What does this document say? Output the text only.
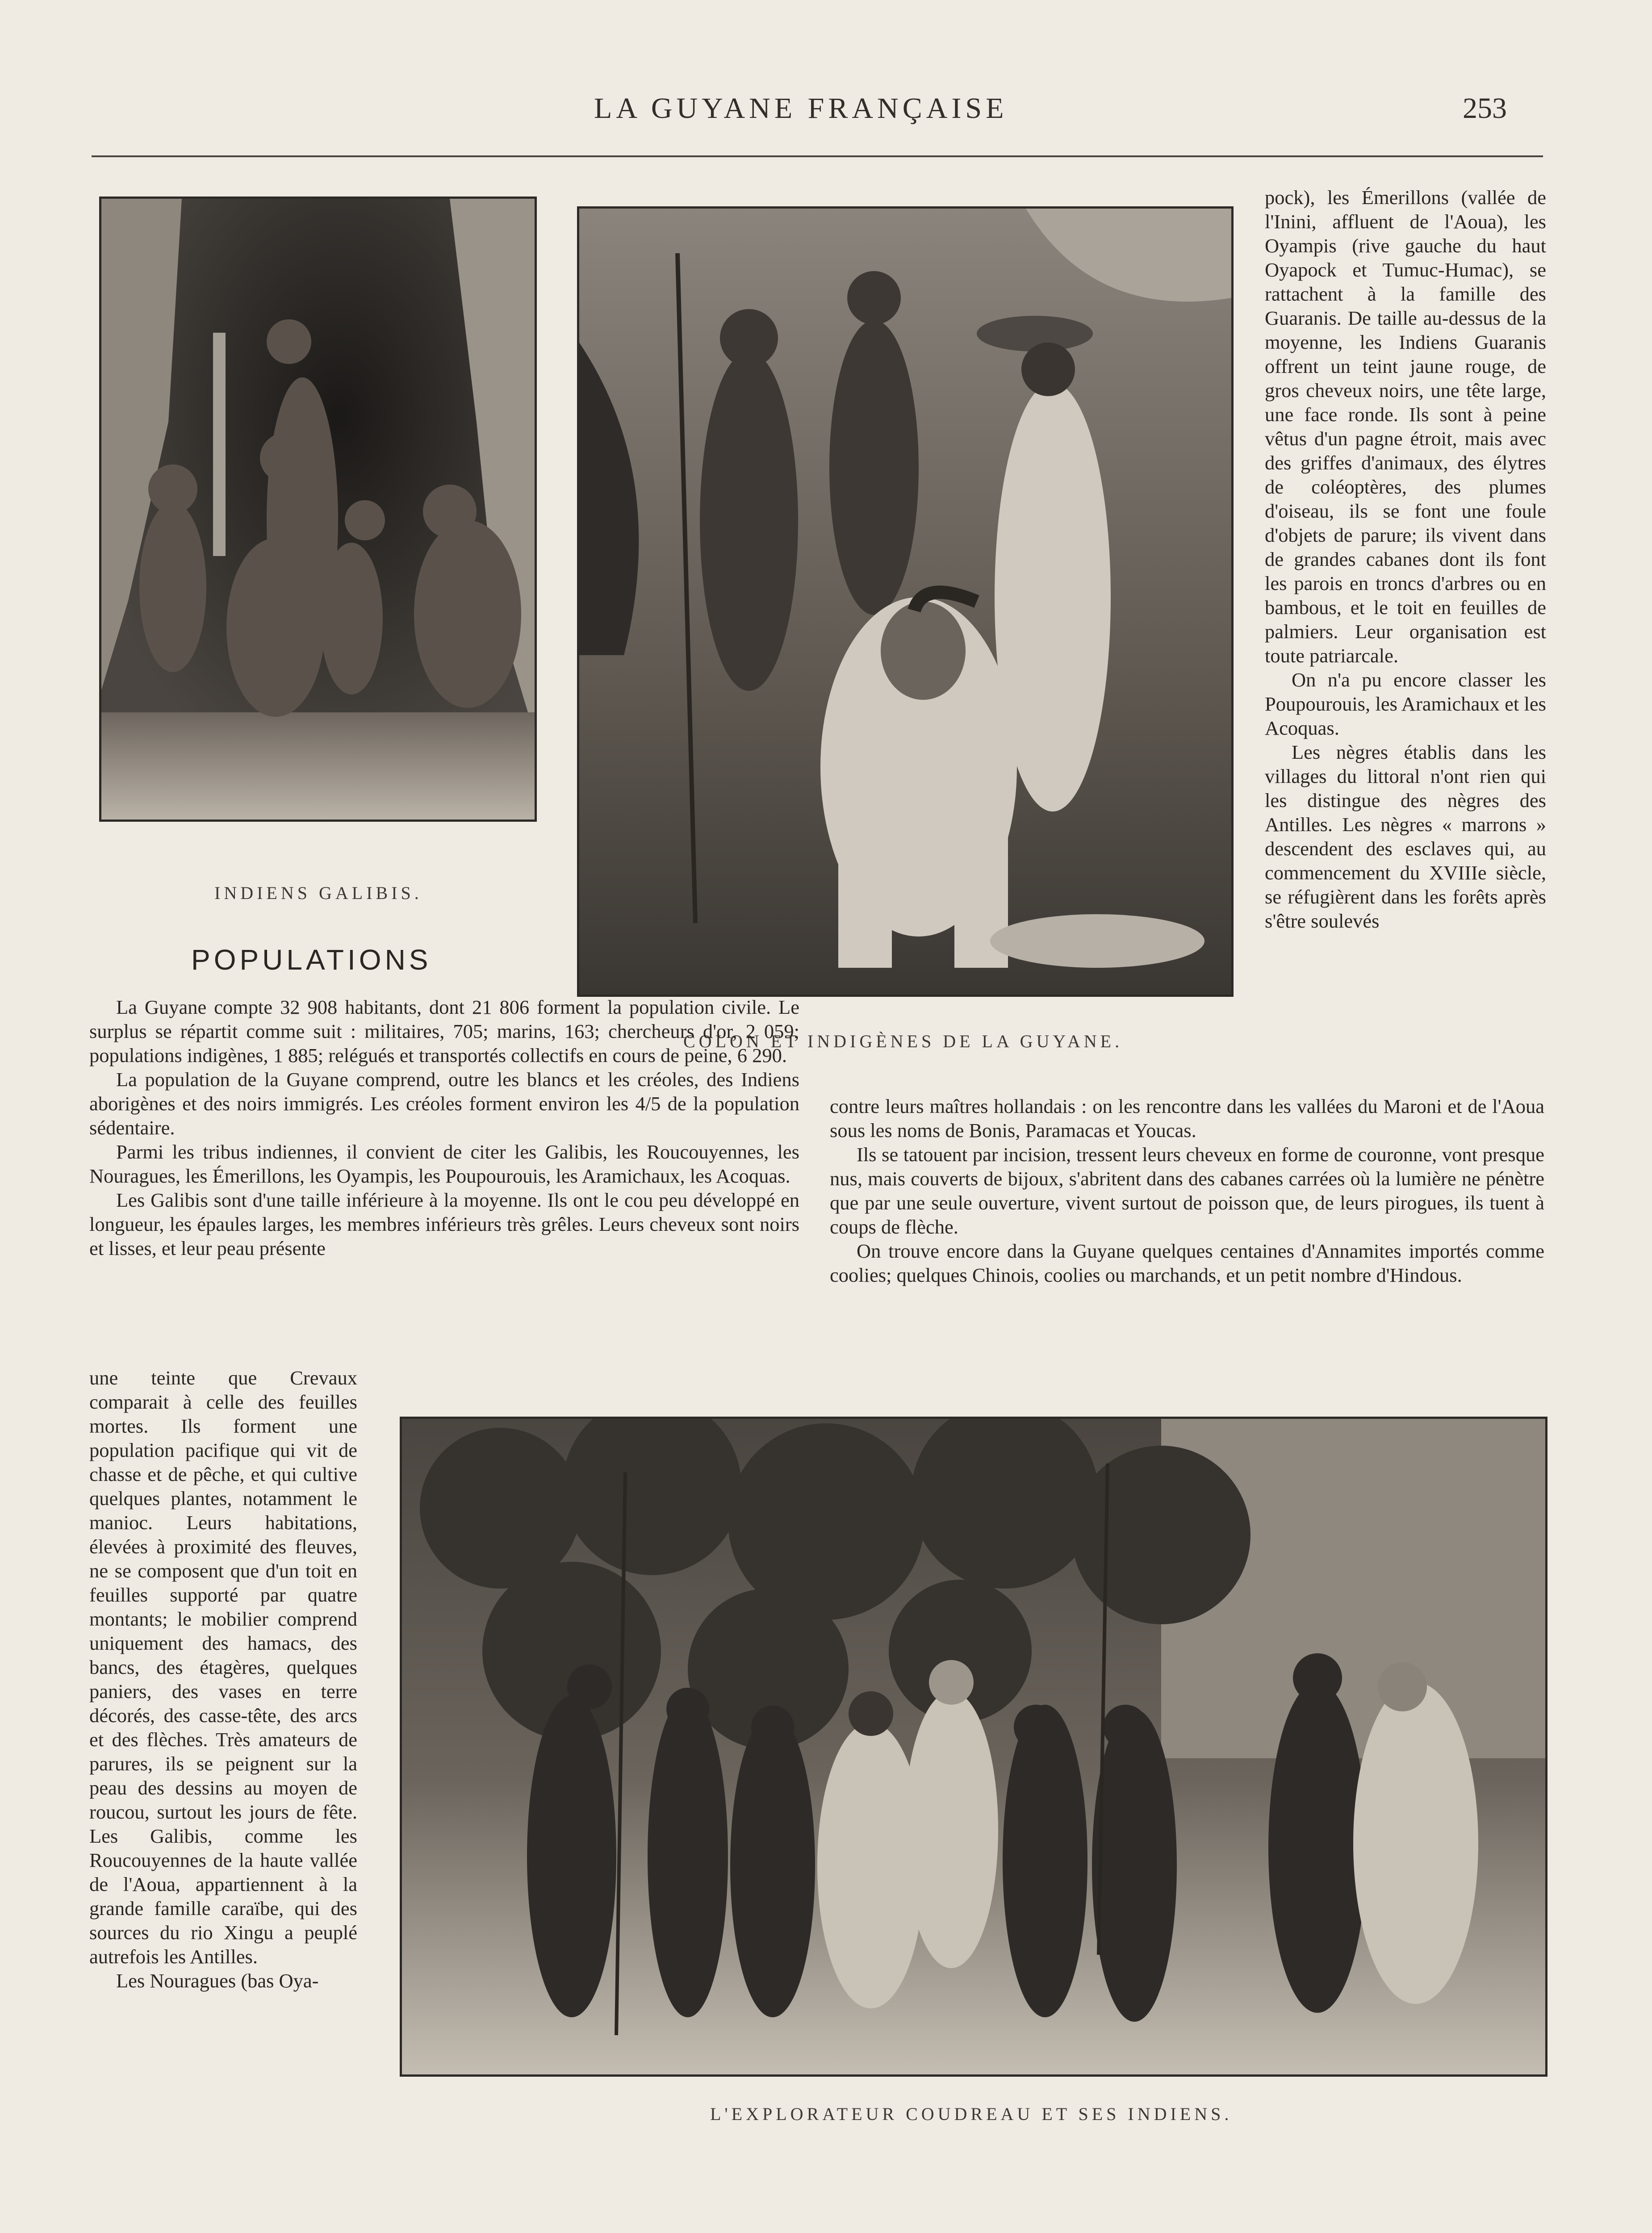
LA GUYANE FRANÇAISE	253
INDIENS GALIBIS.
COLON ET INDIGÈNES DE LA GUYANE.

pock), les Émerillons (vallée de l'Inini, affluent de l'Aoua), les Oyampis (rive gauche du haut Oyapock et Tumuc-Humac), se rattachent à la famille des Guaranis. De taille au-dessus de la moyenne, les Indiens Guaranis offrent un teint jaune rouge, de gros cheveux noirs, une tête large, une face ronde. Ils sont à peine vêtus d'un pagne étroit, mais avec des griffes d'animaux, des élytres de coléoptères, des plumes d'oiseau, ils se font une foule d'objets de parure; ils vivent dans de grandes cabanes dont ils font les parois en troncs d'arbres ou en bambous, et le toit en feuilles de palmiers. Leur organisation est toute patriarcale.

On n'a pu encore classer les Poupourouis, les Aramichaux et les Acoquas.

Les nègres établis dans les villages du littoral n'ont rien qui les distingue des nègres des Antilles. Les nègres « marrons » descendent des esclaves qui, au commencement du XVIIIe siècle, se réfugièrent dans les forêts après s'être soulevés

POPULATIONS

La Guyane compte 32 908 habitants, dont 21 806 forment la population civile. Le surplus se répartit comme suit : militaires, 705; marins, 163; chercheurs d'or, 2 059; populations indigènes, 1 885; relégués et transportés collectifs en cours de peine, 6 290.

La population de la Guyane comprend, outre les blancs et les créoles, des Indiens aborigènes et des noirs immigrés. Les créoles forment environ les 4/5 de la population sédentaire.

Parmi les tribus indiennes, il convient de citer les Galibis, les Roucouyennes, les Nouragues, les Émerillons, les Oyampis, les Poupourouis, les Aramichaux, les Acoquas.

Les Galibis sont d'une taille inférieure à la moyenne. Ils ont le cou peu développé en longueur, les épaules larges, les membres inférieurs très grêles. Leurs cheveux sont noirs et lisses, et leur peau présente

une teinte que Crevaux comparait à celle des feuilles mortes. Ils forment une population pacifique qui vit de chasse et de pêche, et qui cultive quelques plantes, notamment le manioc. Leurs habitations, élevées à proximité des fleuves, ne se composent que d'un toit en feuilles supporté par quatre montants; le mobilier comprend uniquement des hamacs, des bancs, des étagères, quelques paniers, des vases en terre décorés, des casse-tête, des arcs et des flèches. Très amateurs de parures, ils se peignent sur la peau des dessins au moyen de roucou, surtout les jours de fête. Les Galibis, comme les Roucouyennes de la haute vallée de l'Aoua, appartiennent à la grande famille caraïbe, qui des sources du rio Xingu a peuplé autrefois les Antilles.

Les Nouragues (bas Oya-

contre leurs maîtres hollandais : on les rencontre dans les vallées du Maroni et de l'Aoua sous les noms de Bonis, Paramacas et Youcas.

Ils se tatouent par incision, tressent leurs cheveux en forme de couronne, vont presque nus, mais couverts de bijoux, s'abritent dans des cabanes carrées où la lumière ne pénètre que par une seule ouverture, vivent surtout de poisson que, de leurs pirogues, ils tuent à coups de flèche.

On trouve encore dans la Guyane quelques centaines d'Annamites importés comme coolies; quelques Chinois, coolies ou marchands, et un petit nombre d'Hindous.

L'EXPLORATEUR COUDREAU ET SES INDIENS.
